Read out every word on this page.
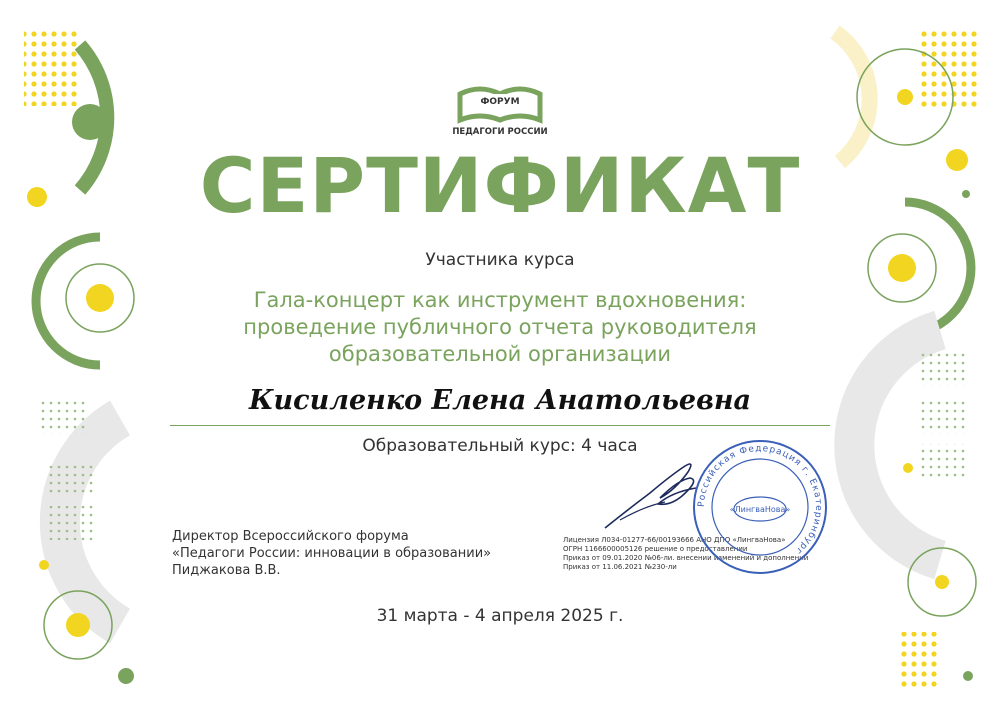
ФОРУМ
ПЕДАГОГИ РОССИИ
СЕРТИФИКАТ
Участника курса
Гала-концерт как инструмент вдохновения:
проведение публичного отчета руководителя
образовательной организации
Кисиленко Елена Анатольевна
Образовательный курс: 4 часа
Директор Всероссийского форума
«Педагоги России: инновации в образовании»
Пиджакова В.В.
Лицензия Л034-01277-66/00193666 АНО ДПО «ЛингваНова»
ОГРН 1166600005126 решение о предоставлении
Приказ от 09.01.2020 №06-ли. внесении изменений и дополнений
Приказ от 11.06.2021 №230-ли
Российская Федерация г. Екатеринбург
«ЛингваНова»
31 марта - 4 апреля 2025 г.
